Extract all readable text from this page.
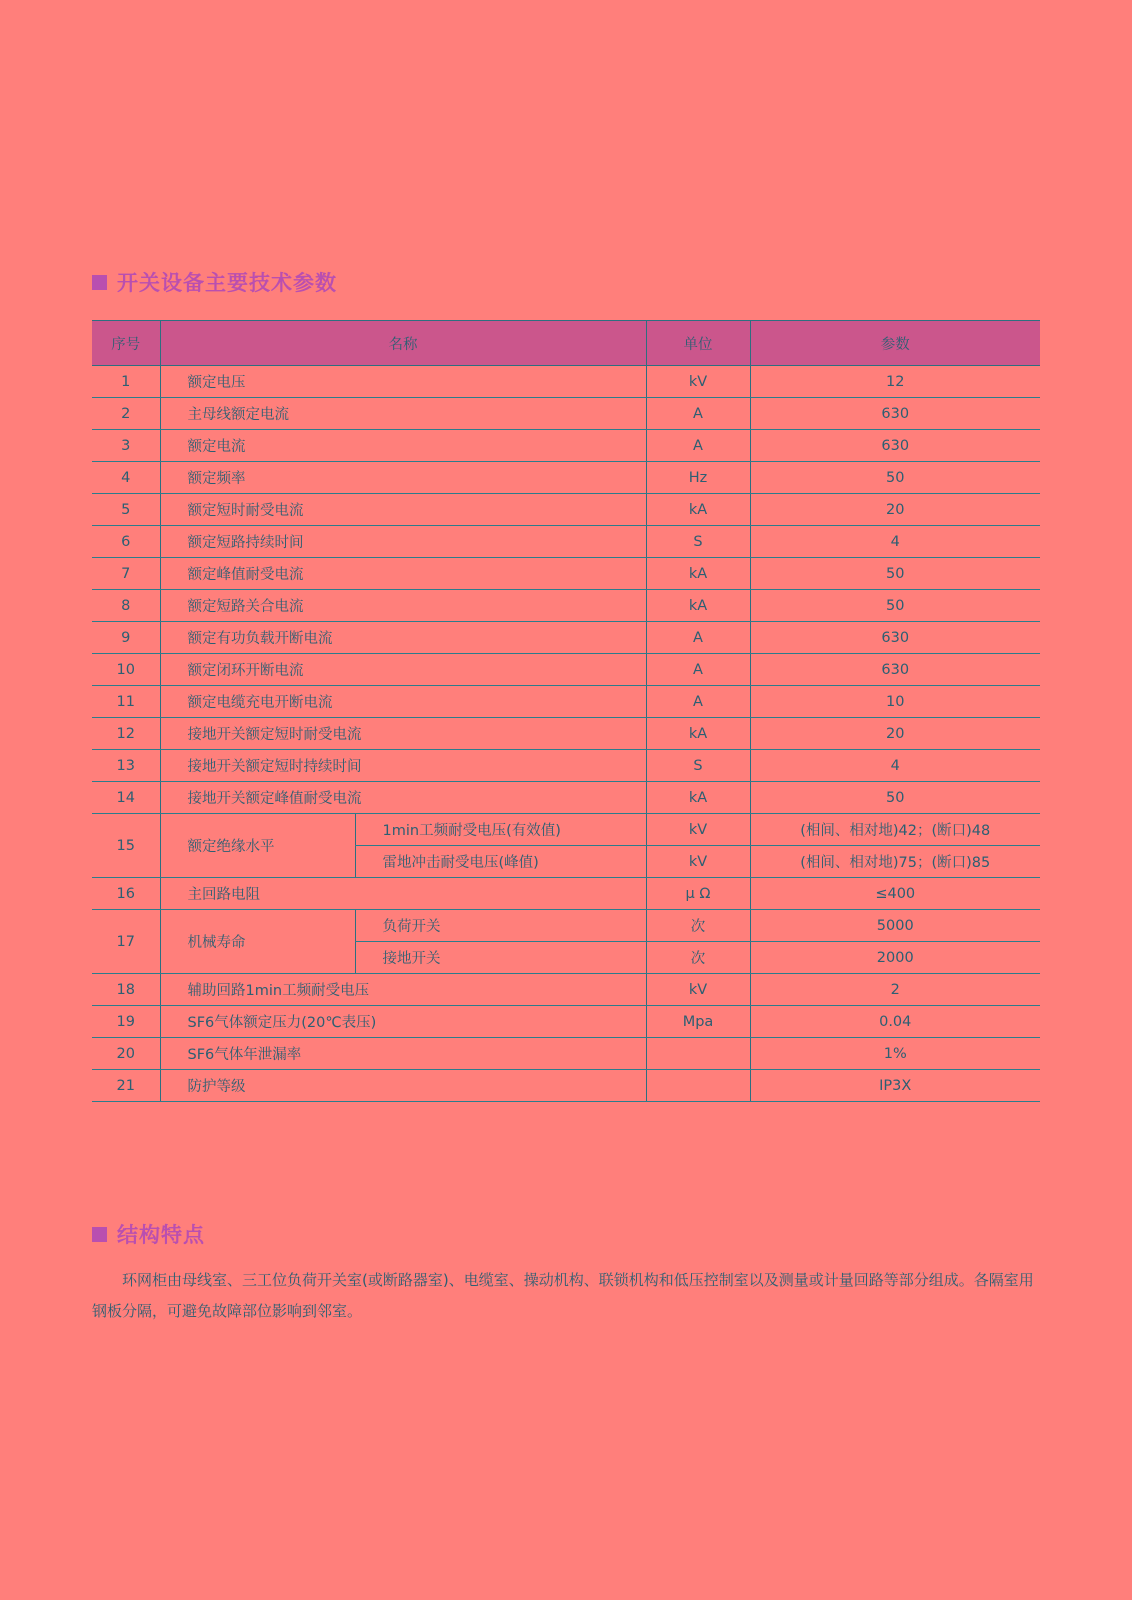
开关设备主要技术参数
序号	名称		单位	参数
1	额定电压		kV	12
2	主母线额定电流		A	630
3	额定电流		A	630
4	额定频率		Hz	50
5	额定短时耐受电流		kA	20
6	额定短路持续时间		S	4
7	额定峰值耐受电流		kA	50
8	额定短路关合电流		kA	50
9	额定有功负载开断电流		A	630
10	额定闭环开断电流		A	630
11	额定电缆充电开断电流		A	10
12	接地开关额定短时耐受电流		kA	20
13	接地开关额定短时持续时间		S	4
14	接地开关额定峰值耐受电流		kA	50
15	额定绝缘水平	1min工频耐受电压(有效值)	kV	(相间、相对地)42；(断口)48
		雷地冲击耐受电压(峰值)	kV	(相间、相对地)75；(断口)85
16	主回路电阻		μ Ω	≤400
17	机械寿命	负荷开关	次	5000
		接地开关	次	2000
18	辅助回路1min工频耐受电压		kV	2
19	SF6气体额定压力(20℃表压)		Mpa	0.04
20	SF6气体年泄漏率			1%
21	防护等级			IP3X
结构特点

环网柜由母线室、三工位负荷开关室(或断路器室)、电缆室、操动机构、联锁机构和低压控制室以及测量或计量回路等部分组成。各隔室用钢板分隔，可避免故障部位影响到邻室。
